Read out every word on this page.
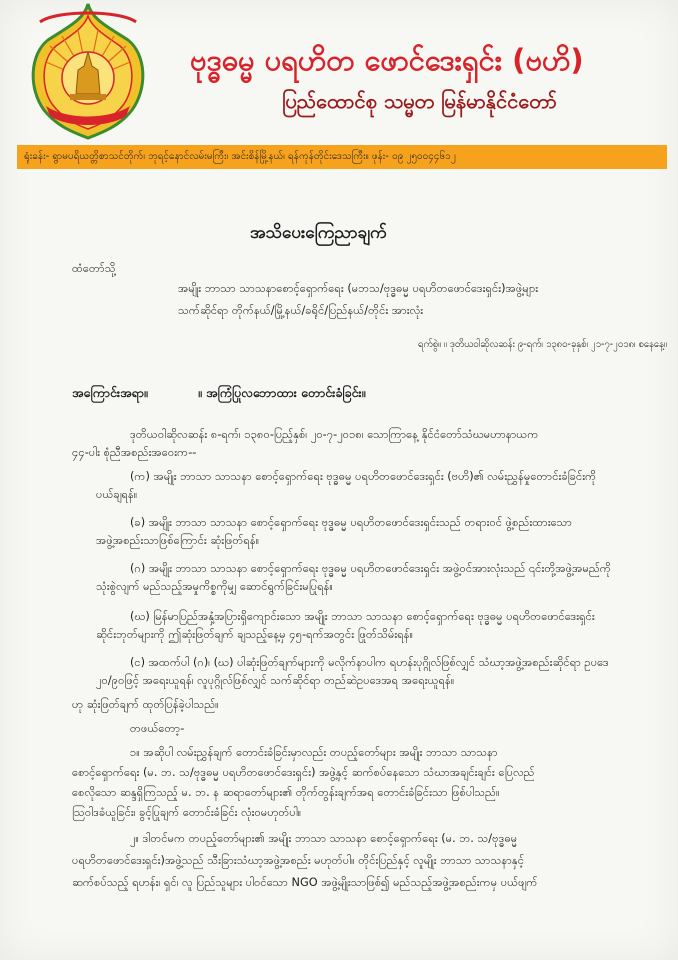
ဗုဒ္ဓဓမ္မ ပရဟိတ ဖောင်ဒေးရှင်း (ဗဟိ)
ပြည်ထောင်စု သမ္မတ မြန်မာနိုင်ငံတော်
ရုံးခန်း- ရွာမပရိယတ္တိစာသင်တိုက်၊ ဘုရင့်နောင်လမ်းမကြီး၊ အင်းစိန်မြို့နယ်၊ ရန်ကုန်တိုင်းဒေသကြီး။ ဖုန်း- ၀၉ ၂၅၀၀၄၄၆၁၂
အသိပေးကြေညာချက်
ထံတော်သို့
အမျိုး ဘာသာ သာသနာစောင့်ရှောက်ရေး (မဘသ/ဗုဒ္ဓဓမ္မ ပရဟိတဖောင်ဒေးရှင်း)အဖွဲ့များ
သက်ဆိုင်ရာ တိုက်နယ်/မြို့နယ်/ခရိုင်/ပြည်နယ်/တိုင်း အားလုံး
ရက်စွဲ။ ။ ဒုတိယဝါဆိုလဆန်း ၉-ရက်၊ ၁၃၈၀-ခုနှစ်၊ ၂၁-၇-၂၀၁၈၊ စနေနေ့။
အကြောင်းအရာ။	။ အကြံပြုလဘောထား တောင်းခံခြင်း။
ဒုတိယဝါဆိုလဆန်း ၈-ရက်၊ ၁၃၈၀-ပြည့်နှစ်၊ ၂၀-၇-၂၀၁၈၊ သောကြာနေ့ နိုင်ငံတော်သံဃမဟာနာယက
၄၄-ပါး စုံညီအစည်းအဝေးက--
(က) အမျိုး ဘာသာ သာသနာ စောင့်ရှောက်ရေး ဗုဒ္ဓဓမ္မ ပရဟိတဖောင်ဒေးရှင်း (ဗဟိ)၏ လမ်းညွှန်မှုတောင်းခံခြင်းကို
ပယ်ချရန်။
(ခ) အမျိုး ဘာသာ သာသနာ စောင့်ရှောက်ရေး ဗုဒ္ဓဓမ္မ ပရဟိတဖောင်ဒေးရှင်းသည် တရားဝင် ဖွဲ့စည်းထားသော
အဖွဲ့အစည်းသာဖြစ်ကြောင်း ဆုံးဖြတ်ရန်။
(ဂ) အမျိုး ဘာသာ သာသနာ စောင့်ရှောက်ရေး ဗုဒ္ဓဓမ္မ ပရဟိတဖောင်ဒေးရှင်း အဖွဲ့ဝင်အားလုံးသည် ၎င်းတို့အဖွဲ့အမည်ကို
သုံးစွဲလျက် မည်သည့်အမှုကိစ္စကိုမျှ ဆောင်ရွက်ခြင်းမပြုရန်။
(ဃ) မြန်မာပြည်အနှံ့အပြားရှိကျောင်းသော အမျိုး ဘာသာ သာသနာ စောင့်ရှောက်ရေး ဗုဒ္ဓဓမ္မ ပရဟိတဖောင်ဒေးရှင်း
ဆိုင်းဘုတ်များကို ဤဆုံးဖြတ်ချက် ချသည့်နေ့မှ ၄၅-ရက်အတွင်း ဖြုတ်သိမ်းရန်။
(င) အထက်ပါ (ဂ)၊ (ဃ) ပါဆုံးဖြတ်ချက်များကို မလိုက်နာပါက ရဟန်းပုဂ္ဂိုလ်ဖြစ်လျှင် သံဃာ့အဖွဲ့အစည်းဆိုင်ရာ ဥပဒေ
၂၀/၉၀ဖြင့် အရေးယူရန်၊ လူပုဂ္ဂိုလ်ဖြစ်လျှင် သက်ဆိုင်ရာ တည်ဆဲဥပဒေအရ အရေးယူရန်။
ဟု ဆုံးဖြတ်ချက် ထုတ်ပြန်ခဲ့ပါသည်။
တဖယ်တော့-
၁။ အဆိုပါ လမ်းညွှန်ချက် တောင်းခံခြင်းမှာလည်း တပည့်တော်များ အမျိုး ဘာသာ သာသနာ
စောင့်ရှောက်ရေး (မ. ဘ. သ/ဗုဒ္ဓဓမ္မ ပရဟိတဖောင်ဒေးရှင်း) အဖွဲ့နှင့် ဆက်စပ်နေသော သံဃာအချင်းချင်း ပြေလည်
စေလိုသော ဆန္ဒရှိကြသည့် မ. ဘ. န ဆရာတော်များ၏ တိုက်တွန်းချက်အရ တောင်းခံခြင်းသာ ဖြစ်ပါသည်။
ဩဝါဒခံယူခြင်း၊ ခွင့်ပြုချက် တောင်းခံခြင်း လုံးဝမဟုတ်ပါ။
၂။ ဒါတင်မက တပည့်တော်များ၏ အမျိုး ဘာသာ သာသနာ စောင့်ရှောက်ရေး (မ. ဘ. သ/ဗုဒ္ဓဓမ္မ
ပရဟိတဖောင်ဒေးရှင်း)အဖွဲ့သည် သီးခြားသံဃာ့အဖွဲ့အစည်း မဟုတ်ပါ။ တိုင်းပြည်နှင့် လူမျိုး ဘာသာ သာသနာနှင့်
ဆက်စပ်သည့် ရဟန်း၊ ရှင်၊ လူ ပြည်သူများ ပါဝင်သော NGO အဖွဲ့မျိုးသာဖြစ်၍ မည်သည့်အဖွဲ့အစည်းကမှ ပယ်ဖျက်
